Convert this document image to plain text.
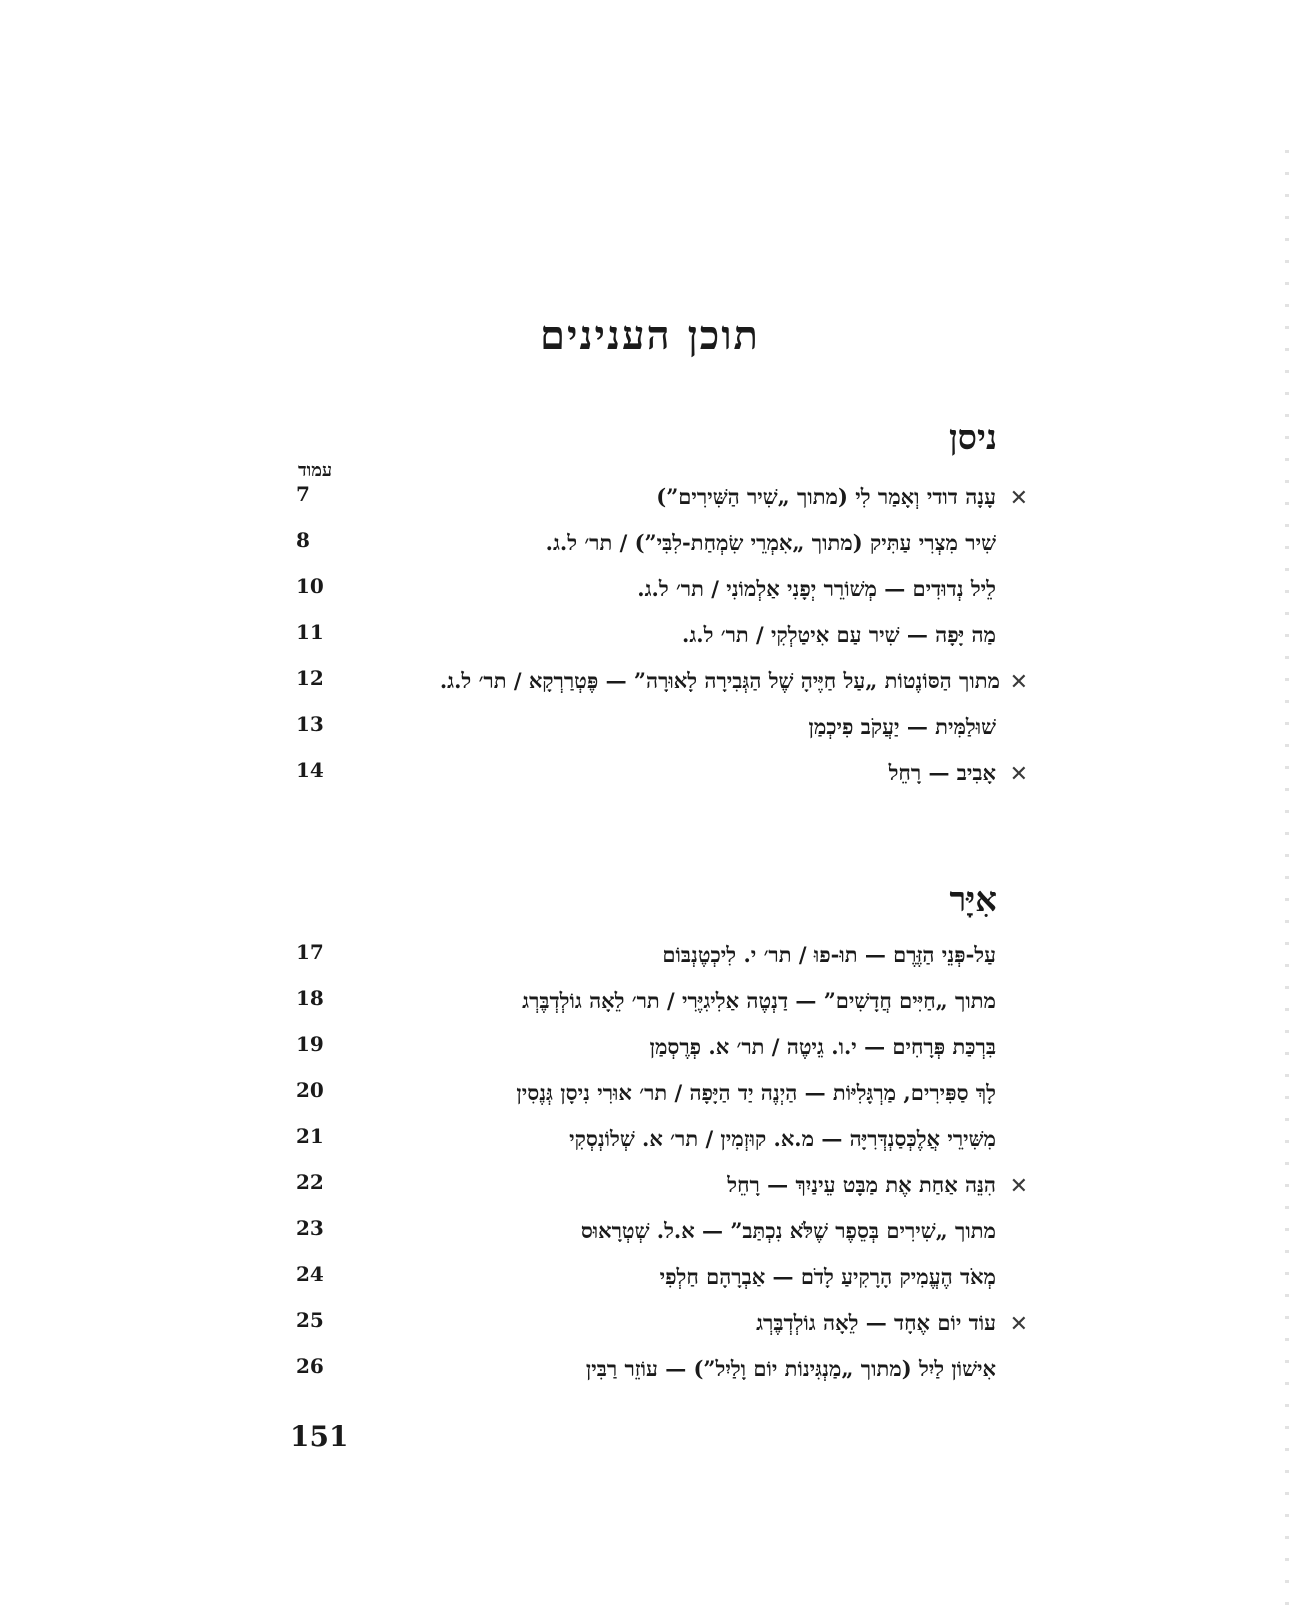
תוכן הענינים
ניסן
עמוד
7	עָנָה דודי וְאָמַר לִי (מתוך „שִׁיר הַשִּׁירִים”) ✕
8	שִׁיר מִצְרִי עַתִּיק (מתוך „אִמְרֵי שִׂמְחַת-לִבִּי”) / תר׳ ל.ג.
10	לֵיל נְדוּדִים — מְשׁוֹרֵר יְפָנִי אַלְמוֹנִי / תר׳ ל.ג.
11	מַה יָּפָה — שִׁיר עַם אִיטַלְקִי / תר׳ ל.ג.
12	מתוך הַסּוֹנֶטוֹת „עַל חַיֶּיהָ שֶׁל הַגְּבִירָה לָאוּרָה” — פֶּטְרַרְקָא / תר׳ ל.ג. ✕
13	שׁוּלַמִּית — יַעֲקֹב פִיכְמַן
14	אָבִיב — רָחֵל ✕
אִיָּר
17	עַל-פְּנֵי הַזֶּרֶם — תוּ-פוּ / תר׳ י. לִיכְטֶנְבּוֹם
18	מתוך „חַיִּים חֲדָשִׁים” — דַנְטֶה אַלִיגִיֶּרִי / תר׳ לֵאָה גוֹלְדְבֶּרְג
19	בִּרְכַּת פְּרָחִים — י.ו. גֵיטֶה / תר׳ א. פְרֶסְמַן
20	לָךְ סַפִּירִים, מַרְגָּלִיּוֹת — הַיְנֶה יַד הַיָּפָה / תר׳ אוּרִי נִיסָן גְּנֶסִין
21	מִשִּׁירֵי אֲלֶכְּסַנְדְּרִיָּה — מ.א. קוּזְמִין / תר׳ א. שְׁלוֹנְסְקִי
22	הִנֵּה אַחַת אֶת מַבָּט עֵינַיִךְ — רָחֵל ✕
23	מתוך „שִׁירִים בְּסֵפֶר שֶׁלֹּא נִכְתַּב” — א.ל. שְׁטְרָאוּס
24	מְאֹד הֶעֱמִיק הָרָקִיעַ לָדֹם — אַבְרָהָם חַלְפִי
25	עוֹד יוֹם אֶחָד — לֵאָה גוֹלְדְבֶּרְג ✕
26	אִישׁוֹן לַיִל (מתוך „מַנְגִּינוֹת יוֹם וָלַיִל”) — עוֹזֵר רַבִּין
151
